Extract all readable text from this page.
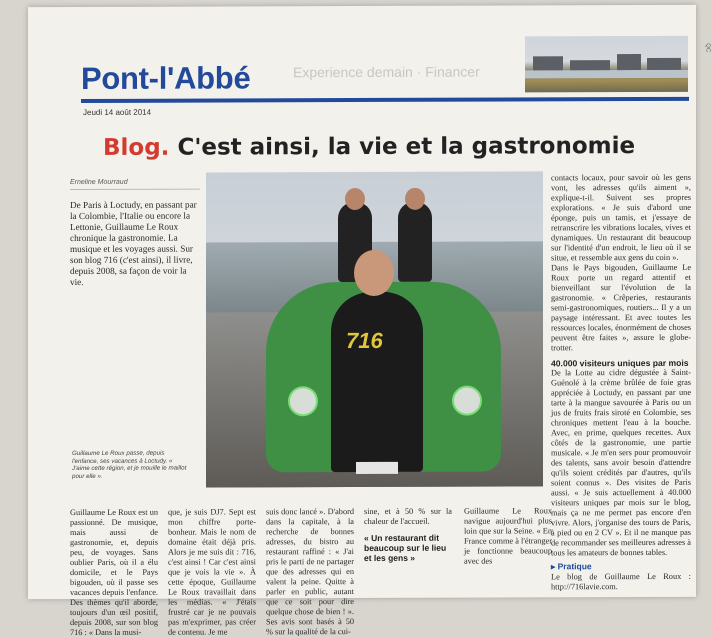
Experience demain · Financer
Pont-l'Abbé
QC
Jeudi 14 août 2014
Blog. C'est ainsi, la vie et la gastronomie
Erneline Mourraud
De Paris à Loctudy, en passant par la Colombie, l'Italie ou encore la Lettonie, Guillaume Le Roux chronique la gastronomie. La musique et les voyages aussi. Sur son blog 716 (c'est ainsi), il livre, depuis 2008, sa façon de voir la vie.
Guillaume Le Roux passe, depuis l'enfance, ses vacances à Loctudy. « J'aime cette région, et je mouille le maillot pour elle ».
716
contacts locaux, pour savoir où les gens vont, les adresses qu'ils aiment », explique-t-il. Suivent ses propres explorations. « Je suis d'abord une éponge, puis un tamis, et j'essaye de retranscrire les vibrations locales, vives et dynamiques. Un restaurant dit beaucoup sur l'identité d'un endroit, le lieu où il se situe, et ressemble aux gens du coin ».
Dans le Pays bigouden, Guillaume Le Roux porte un regard attentif et bienveillant sur l'évolution de la gastronomie. « Crêperies, restaurants semi-gastronomiques, routiers... Il y a un paysage intéressant. Et avec toutes les ressources locales, énormément de choses peuvent être faites », assure le globe-trotter.
40.000 visiteurs uniques par mois
De la Lotte au cidre dégustée à Saint-Guénolé à la crème brûlée de foie gras appréciée à Loctudy, en passant par une tarte à la mangue savourée à Paris ou un jus de fruits frais siroté en Colombie, ses chroniques mettent l'eau à la bouche. Avec, en prime, quelques recettes. Aux côtés de la gastronomie, une partie musicale. « Je m'en sers pour promouvoir des talents, sans avoir besoin d'attendre qu'ils soient crédités par d'autres, qu'ils soient connus ». Des visites de Paris aussi. « Je suis actuellement à 40.000 visiteurs uniques par mois sur le blog, mais ça ne me permet pas encore d'en vivre. Alors, j'organise des tours de Paris, à pied ou en 2 CV ». Et il ne manque pas de recommander ses meilleures adresses à tous les amateurs de bonnes tables.
Guillaume Le Roux est un passionné. De musique, mais aussi de gastronomie, et, depuis peu, de voyages. Sans oublier Paris, où il a élu domicile, et le Pays bigouden, où il passe ses vacances depuis l'enfance. Des thèmes qu'il aborde, toujours d'un œil positif, depuis 2008, sur son blog 716 : « Dans la musi-
que, je suis DJ7. Sept est mon chiffre porte-bonheur. Mais le nom de domaine était déjà pris. Alors je me suis dit : 716, c'est ainsi ! Car c'est ainsi que je vois la vie ». À cette époque, Guillaume Le Roux travaillait dans les médias. « J'étais frustré car je ne pouvais pas m'exprimer, pas créer de contenu. Je me
suis donc lancé ». D'abord dans la capitale, à la recherche de bonnes adresses, du bistro au restaurant raffiné : « J'ai pris le parti de ne partager que des adresses qui en valent la peine. Quitte à parler en public, autant que ce soit pour dire quelque chose de bien ! ». Ses avis sont basés à 50 % sur la qualité de la cui-
sine, et à 50 % sur la chaleur de l'accueil.
« Un restaurant dit beaucoup sur le lieu et les gens »
Guillaume Le Roux navigue aujourd'hui plus loin que sur la Seine. « En France comme à l'étranger je fonctionne beaucoup avec des
▸ Pratique
Le blog de Guillaume Le Roux : http://716lavie.com.
